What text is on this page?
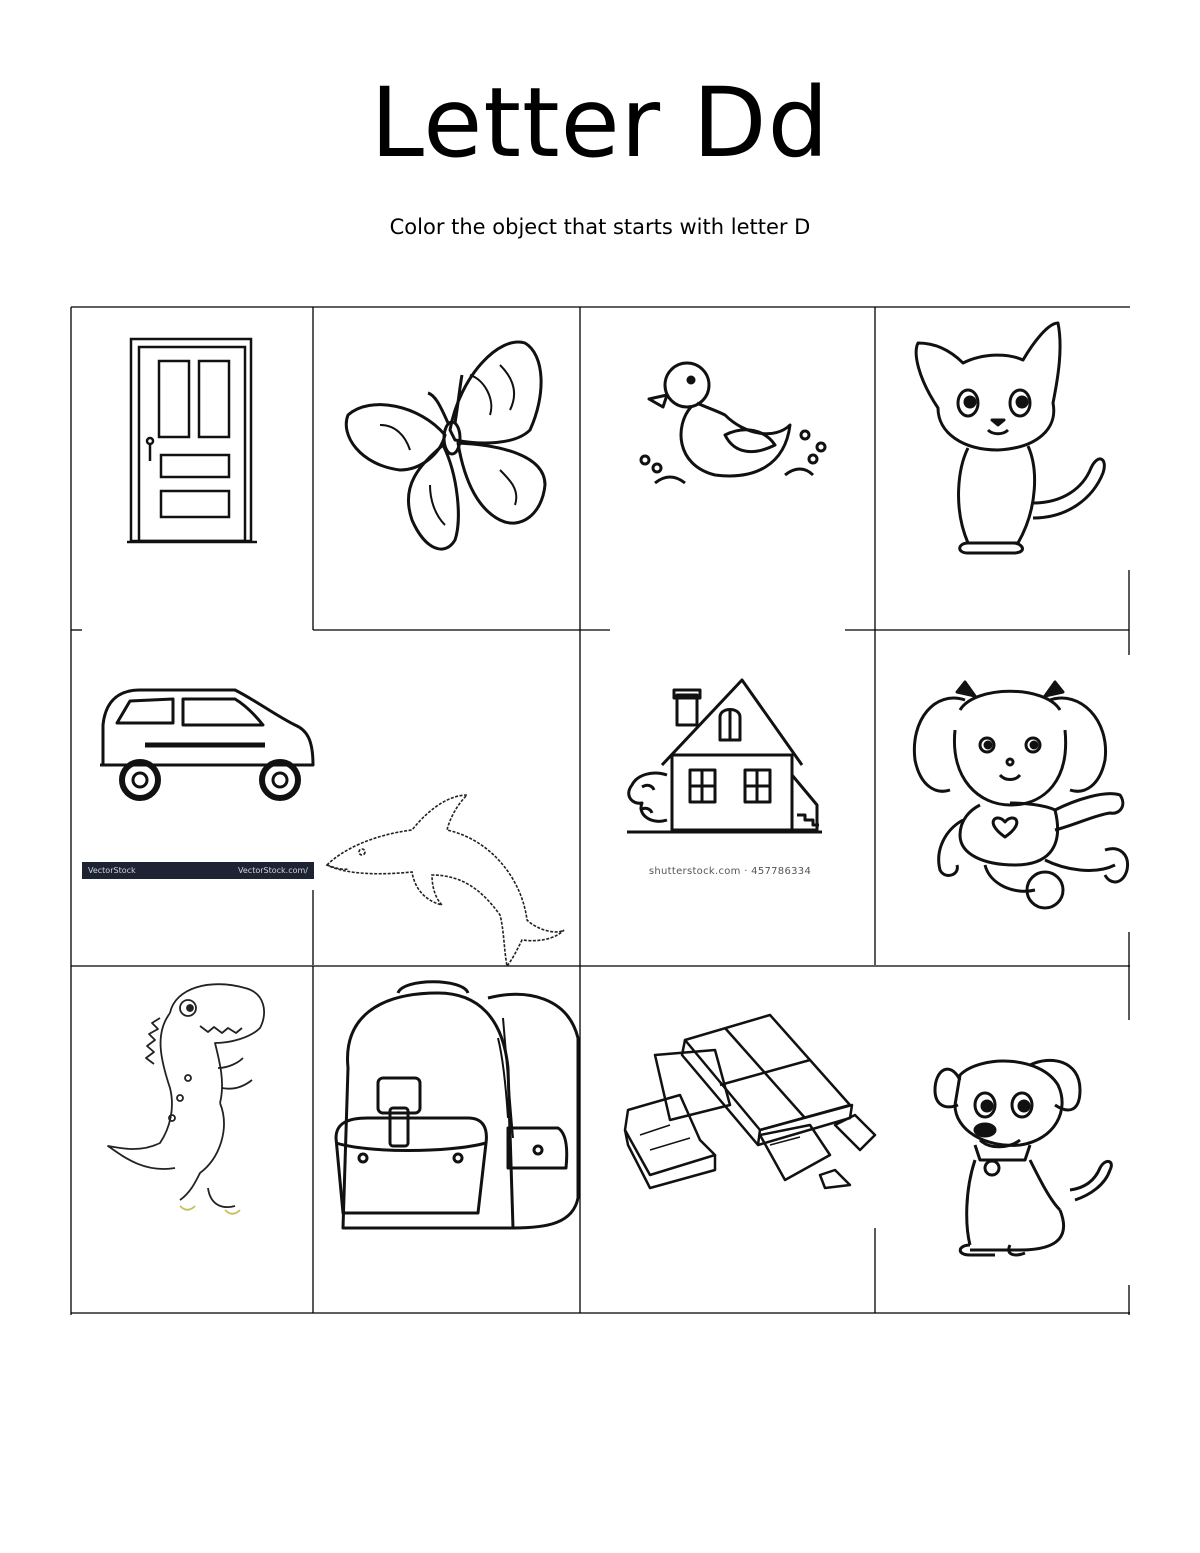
Letter Dd
Color the object that starts with letter D
VectorStock	VectorStock.com/	shutterstock.com · 457786334
